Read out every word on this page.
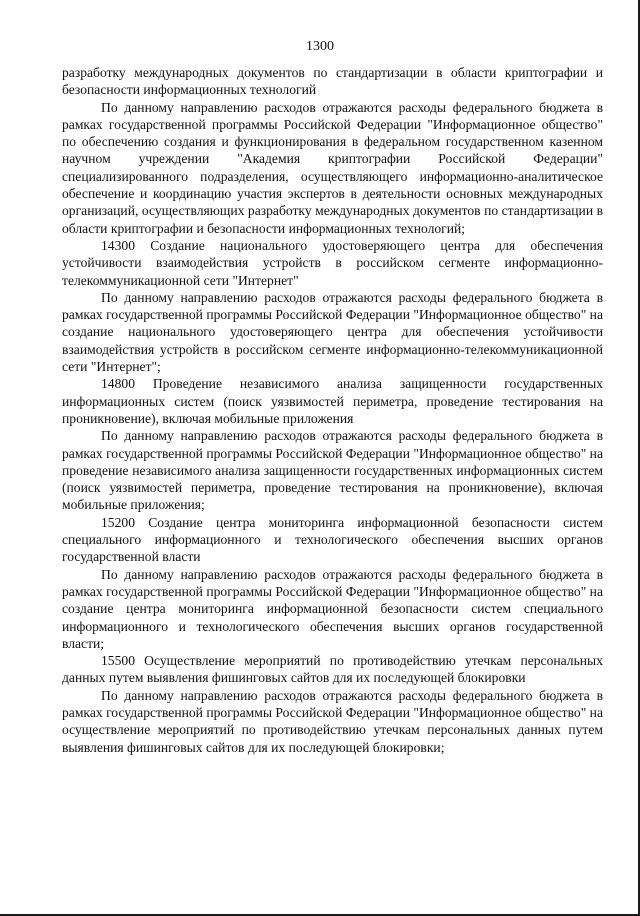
1300

разработку международных документов по стандартизации в области криптографии и безопасности информационных технологий

По данному направлению расходов отражаются расходы федерального бюджета в рамках государственной программы Российской Федерации "Информационное общество" по обеспечению создания и функционирования в федеральном государственном казенном научном учреждении "Академия криптографии Российской Федерации" специализированного подразделения, осуществляющего информационно-аналитическое обеспечение и координацию участия экспертов в деятельности основных международных организаций, осуществляющих разработку международных документов по стандартизации в области криптографии и безопасности информационных технологий;

14300 Создание национального удостоверяющего центра для обеспечения устойчивости взаимодействия устройств в российском сегменте информационно-телекоммуникационной сети "Интернет"

По данному направлению расходов отражаются расходы федерального бюджета в рамках государственной программы Российской Федерации "Информационное общество" на создание национального удостоверяющего центра для обеспечения устойчивости взаимодействия устройств в российском сегменте информационно-телекоммуникационной сети "Интернет";

14800 Проведение независимого анализа защищенности государственных информационных систем (поиск уязвимостей периметра, проведение тестирования на проникновение), включая мобильные приложения

По данному направлению расходов отражаются расходы федерального бюджета в рамках государственной программы Российской Федерации "Информационное общество" на проведение независимого анализа защищенности государственных информационных систем (поиск уязвимостей периметра, проведение тестирования на проникновение), включая мобильные приложения;

15200 Создание центра мониторинга информационной безопасности систем специального информационного и технологического обеспечения высших органов государственной власти

По данному направлению расходов отражаются расходы федерального бюджета в рамках государственной программы Российской Федерации "Информационное общество" на создание центра мониторинга информационной безопасности систем специального информационного и технологического обеспечения высших органов государственной власти;

15500 Осуществление мероприятий по противодействию утечкам персональных данных путем выявления фишинговых сайтов для их последующей блокировки

По данному направлению расходов отражаются расходы федерального бюджета в рамках государственной программы Российской Федерации "Информационное общество" на осуществление мероприятий по противодействию утечкам персональных данных путем выявления фишинговых сайтов для их последующей блокировки;
